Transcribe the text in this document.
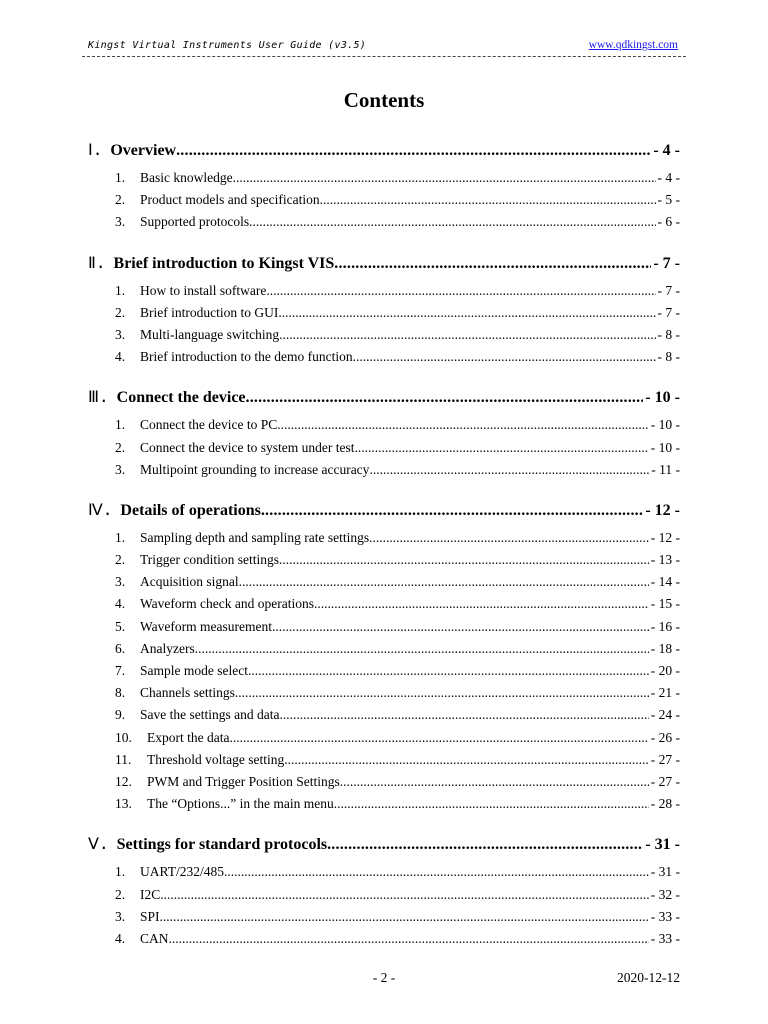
Kingst Virtual Instruments User Guide (v3.5)	www.qdkingst.com
Contents
Ⅰ. Overview .....	- 4 -
1.	Basic knowledge .....	- 4 -
2.	Product models and specification .....	- 5 -
3.	Supported protocols .....	- 6 -
Ⅱ. Brief introduction to Kingst VIS .....	- 7 -
1.	How to install software .....	- 7 -
2.	Brief introduction to GUI .....	- 7 -
3.	Multi-language switching .....	- 8 -
4.	Brief introduction to the demo function .....	- 8 -
Ⅲ. Connect the device .....	- 10 -
1.	Connect the device to PC .....	- 10 -
2.	Connect the device to system under test .....	- 10 -
3.	Multipoint grounding to increase accuracy .....	- 11 -
Ⅳ. Details of operations .....	- 12 -
1.	Sampling depth and sampling rate settings .....	- 12 -
2.	Trigger condition settings .....	- 13 -
3.	Acquisition signal .....	- 14 -
4.	Waveform check and operations .....	- 15 -
5.	Waveform measurement .....	- 16 -
6.	Analyzers .....	- 18 -
7.	Sample mode select .....	- 20 -
8.	Channels settings .....	- 21 -
9.	Save the settings and data .....	- 24 -
10.	Export the data .....	- 26 -
11.	Threshold voltage setting .....	- 27 -
12.	PWM and Trigger Position Settings .....	- 27 -
13.	The “Options...” in the main menu .....	- 28 -
Ⅴ. Settings for standard protocols .....	- 31 -
1.	UART/232/485 .....	- 31 -
2.	I2C .....	- 32 -
3.	SPI .....	- 33 -
4.	CAN .....	- 33 -
- 2 -	2020-12-12
